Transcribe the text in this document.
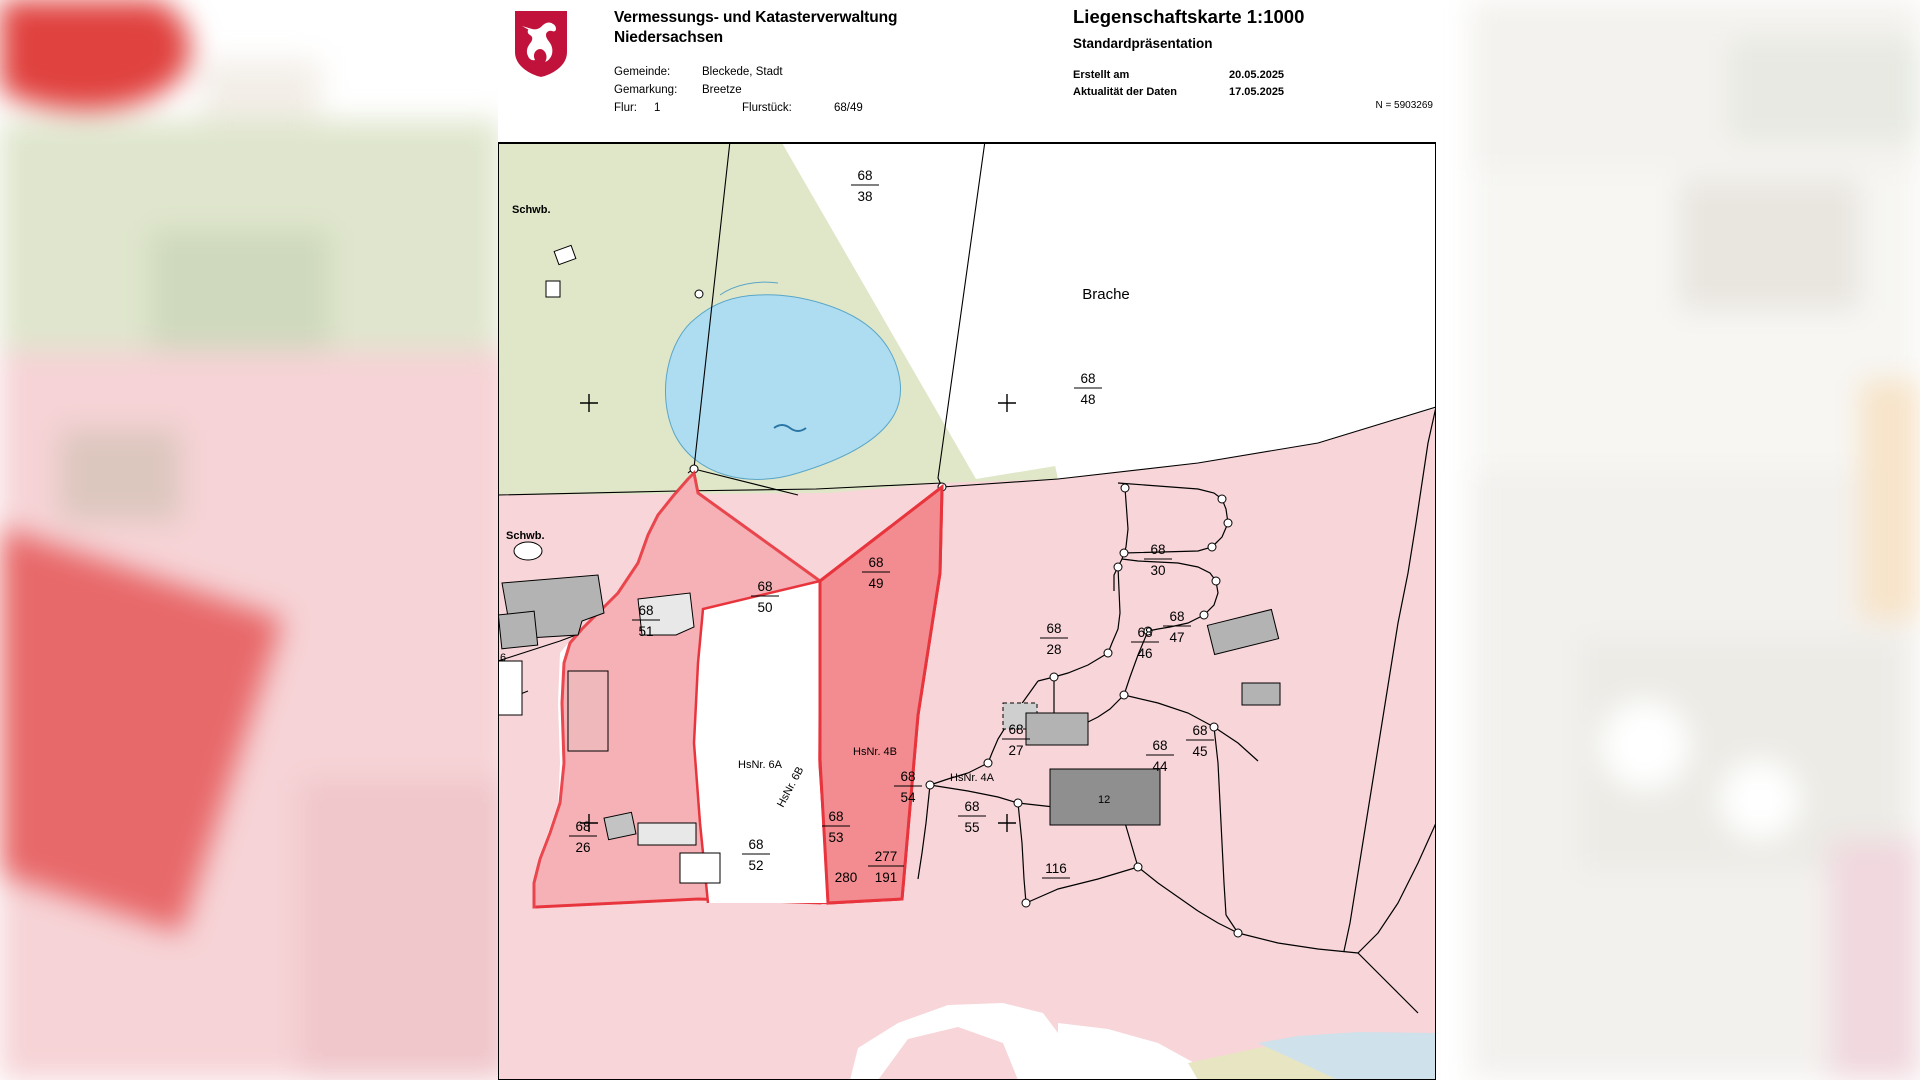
Vermessungs- und Katasterverwaltung
Niedersachsen
Gemeinde:	Bleckede, Stadt
Gemarkung: Breetze
Flur: 1	Flurstück:	68/49
Liegenschaftskarte 1:1000
Standardpräsentation
Erstellt am	20.05.2025
Aktualität der Daten	17.05.2025
N = 5903269
68
38
Brache
68
48
68
49
68
50
68
51
68
30
68
47
68
46
68
28
68
27
68
45
68
44
68
26	68
52
68
53
68
54
68
55
277
191
280
116
Schwb.
Schwb.
HsNr. 6A
HsNr. 4B
HsNr. 6B	HsNr. 4A
12
6
